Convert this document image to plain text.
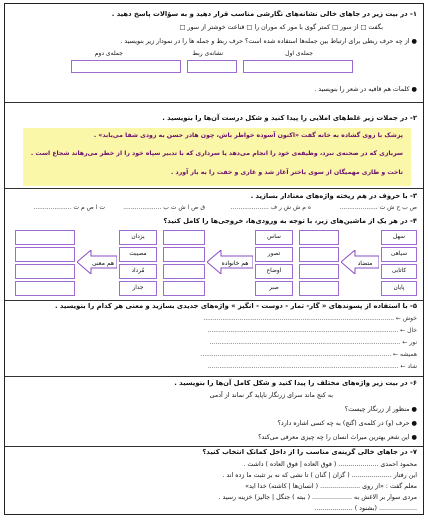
۱- در بیت زیر در جاهای خالی نشانه‌های نگارشی مناسب قرار دهید و به سؤالات پاسخ دهید .
بگفت □ از سور □ کمتر گوی با مور که موران را □ قناعت خوشتر از سور □
● از چه حرف ربطی برای ارتباط بین جمله‌ها استفاده شده است؟ حرف ربط و جمله ها را در نمودار زیر بنویسید .
جمله‌ی اول
نشانه‌ی ربط
جمله‌ی دوم
● کلمات هم قافیه در شعر را بنویسید .
۲- در جملات زیر غلط‌های املایی را پیدا کنید و شکل درست آن‌ها را بنویسید .
پزشک با روی گشاده به خانه گفت «اکنون آسوده خواطر باش، چون هادر حسن به زودی شفا می‌یابد» .
سربازی که در صحنه‌ی نبرد، وظیفه‌ی خود را انجام می‌دهد یا سرداری که با تدبیر سپاه خود را از خطر می‌رهاند شجاع است .
تاخت و طاری مهمیگان از سوی باختر آغاز شد و غاری و خفت را به بار آورد .
۳- با حروف در هم ریخته واژه‌های معنادار بسازید .
ص ب ح ش ت ....................
ه م ش ش ر ف ....................
ق ص ا ش ت ب ....................
ت ا ص م ت ....................
۴- در هر یک از ماشین‌های زیر، با توجه به ورودی‌ها، خروجی‌ها را کامل کنید؟
سهل
سیاهی
کاتابی
پایان
متضاد
ساس
تصور
اوضاع
صبر
هم خانواده
یزدان
مصیبت
مُرداد
جدار
هم معنی
۵- با استفاده از پسوندهای « گار- تمار - دوست - انگیز » واژه‌های جدیدی بسازید و معنی هر کدام را بنویسید .
خوش ← ....................................................................................................
خال ← ....................................................................................................
نور ← ....................................................................................................
همیشه ← ....................................................................................................
شاد ← ....................................................................................................
۶- در بیت زیر واژه‌های مختلف را پیدا کنید و شکل کامل آن‌ها را بنویسید .
به کنج ماند سرای زرنگار ناپاید گر نماند از آدمی
● منظور از زرنگار چیست؟
● حرف (و) در کلمه‌ی (گنج) به چه کسی اشاره دارد؟
● این شعر بهترین میراث انسان را چه چیزی معرفی می‌کند؟
۷- در جاهای خالی گزینه‌ی مناسب را از داخل کمانک انتخاب کنید؟
محمود احمدی .................... ( فوق العاده | فوق العاده ) داشت .
این رفتار .................... ( گزان | گنان ) تا نشی که نه بر تثبت ما زده اند .
معلم گفت : «از روی .................... ( انسان‌ها | کاشته) خدا اید»
مردی سوار بر الاغش به .................... ( ببته ) جنگل | جالیز) خزینه رسید .
................... (بشنود ) ...................
